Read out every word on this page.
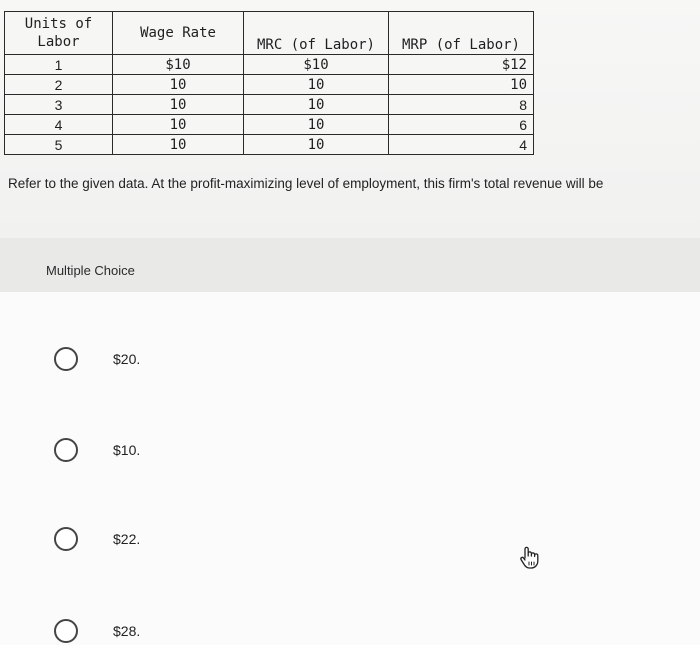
Units of
Labor	Wage Rate	MRC (of Labor)	MRP (of Labor)
1	$10	$10	$12
2	10	10	10
3	10	10	8
4	10	10	6
5	10	10	4
Refer to the given data. At the profit-maximizing level of employment, this firm's total revenue will be
Multiple Choice
$20.
$10.
$22.
$28.
